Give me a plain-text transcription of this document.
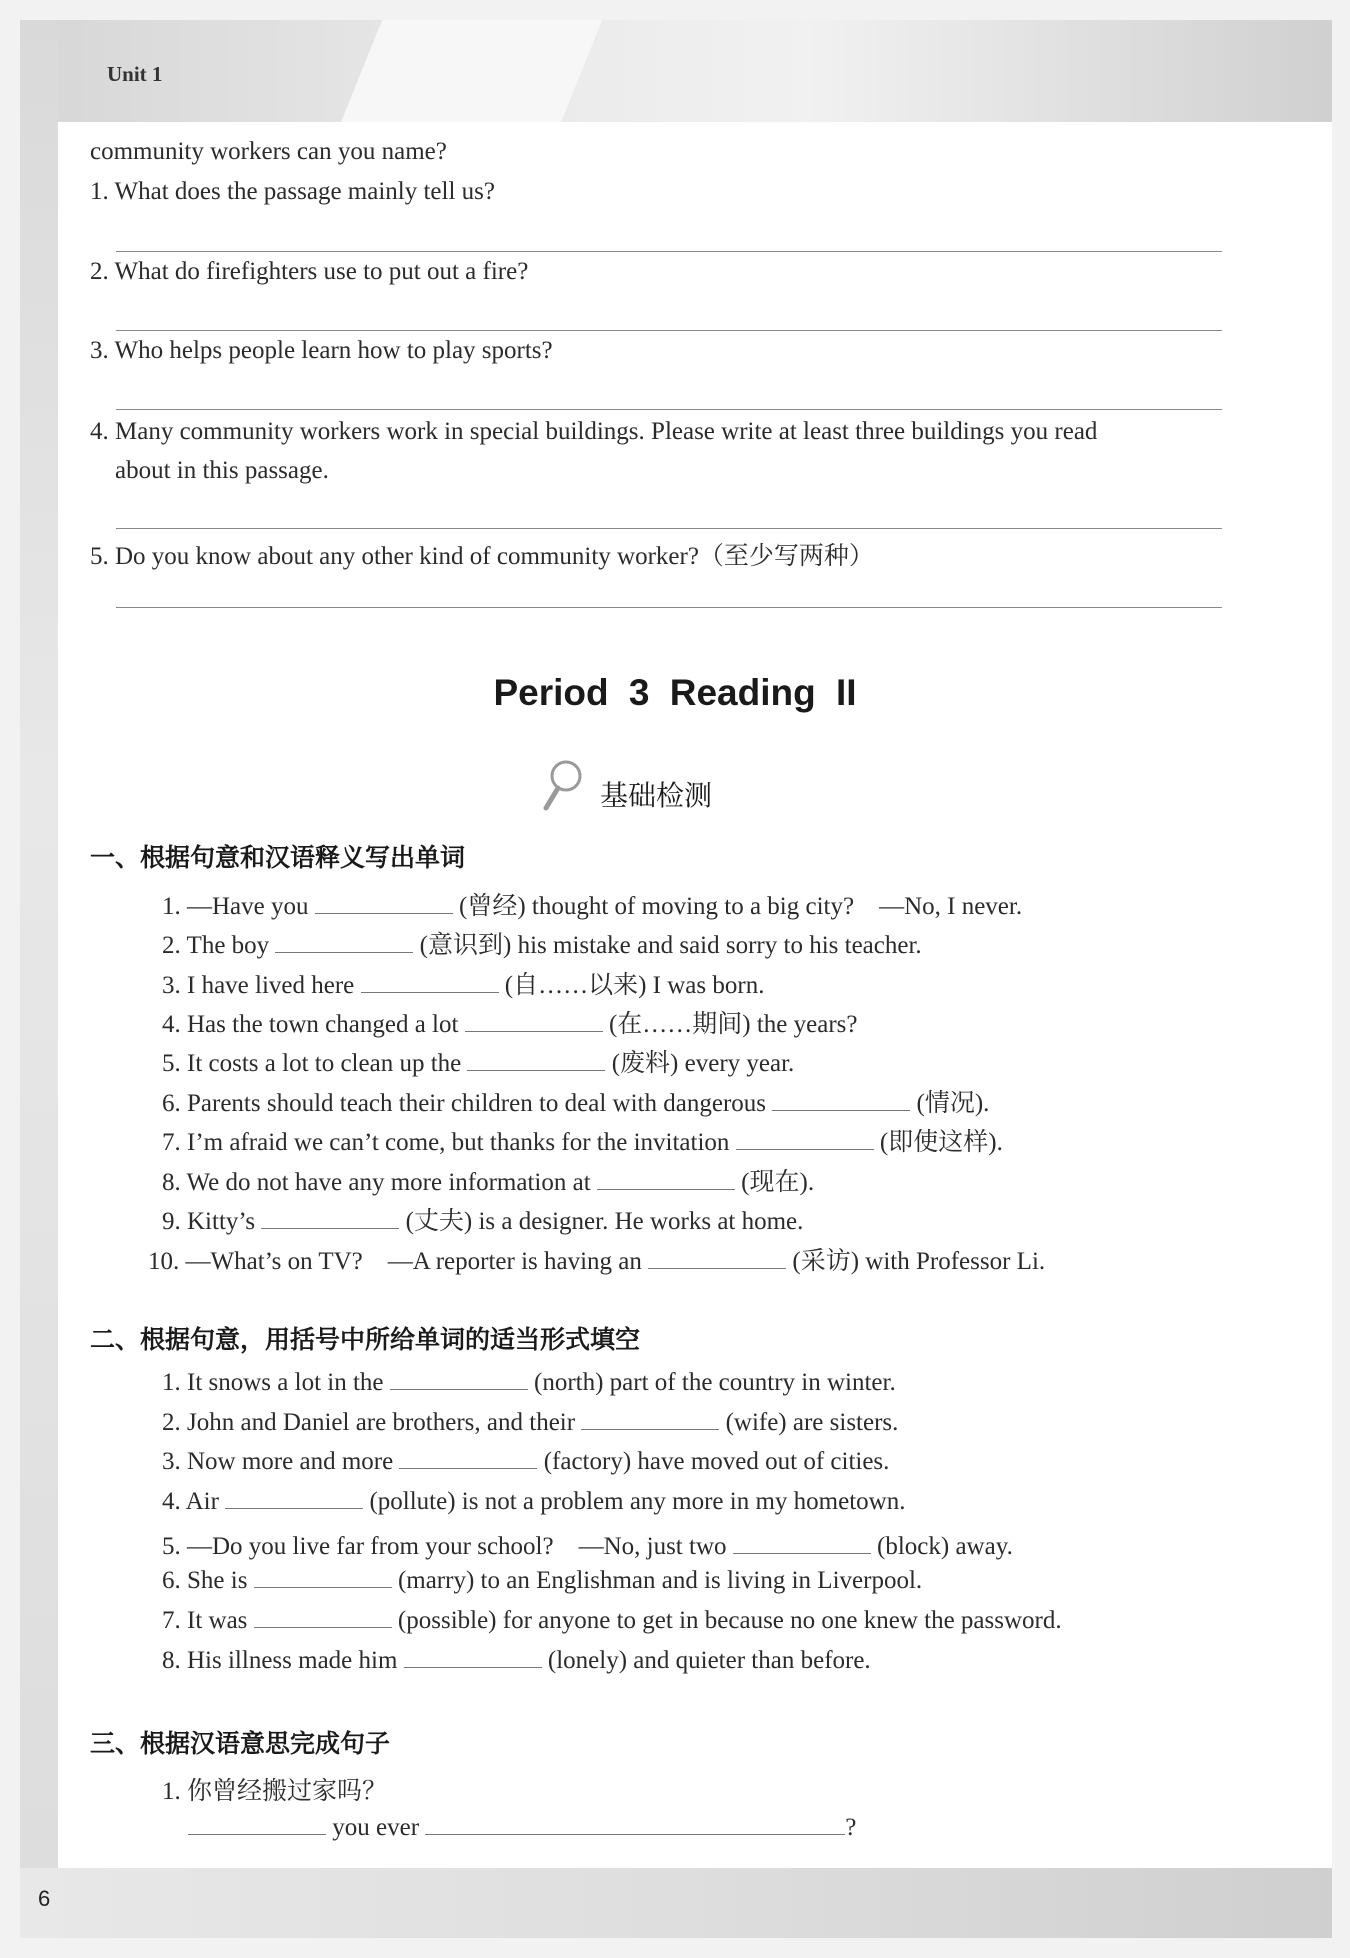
Unit 1
community workers can you name?
1. What does the passage mainly tell us?
2. What do firefighters use to put out a fire?
3. Who helps people learn how to play sports?
4. Many community workers work in special buildings. Please write at least three buildings you read
about in this passage.
5. Do you know about any other kind of community worker?（至少写两种）
Period 3 Reading II
基础检测
一、根据句意和汉语释义写出单词
1. —Have you	(曾经) thought of moving to a big city?　—No, I never.
2. The boy	(意识到) his mistake and said sorry to his teacher.
3. I have lived here	(自……以来) I was born.
4. Has the town changed a lot	(在……期间) the years?
5. It costs a lot to clean up the	(废料) every year.
6. Parents should teach their children to deal with dangerous	(情况).
7. I’m afraid we can’t come, but thanks for the invitation	(即使这样).
8. We do not have any more information at	(现在).
9. Kitty’s	(丈夫) is a designer. He works at home.
10. —What’s on TV?　—A reporter is having an	(采访) with Professor Li.
二、根据句意，用括号中所给单词的适当形式填空
1. It snows a lot in the	(north) part of the country in winter.
2. John and Daniel are brothers, and their	(wife) are sisters.
3. Now more and more	(factory) have moved out of cities.
4. Air	(pollute) is not a problem any more in my hometown.
5. —Do you live far from your school?　—No, just two	(block) away.
6. She is	(marry) to an Englishman and is living in Liverpool.
7. It was	(possible) for anyone to get in because no one knew the password.
8. His illness made him	(lonely) and quieter than before.
三、根据汉语意思完成句子
1. 你曾经搬过家吗？
you ever	?
6
